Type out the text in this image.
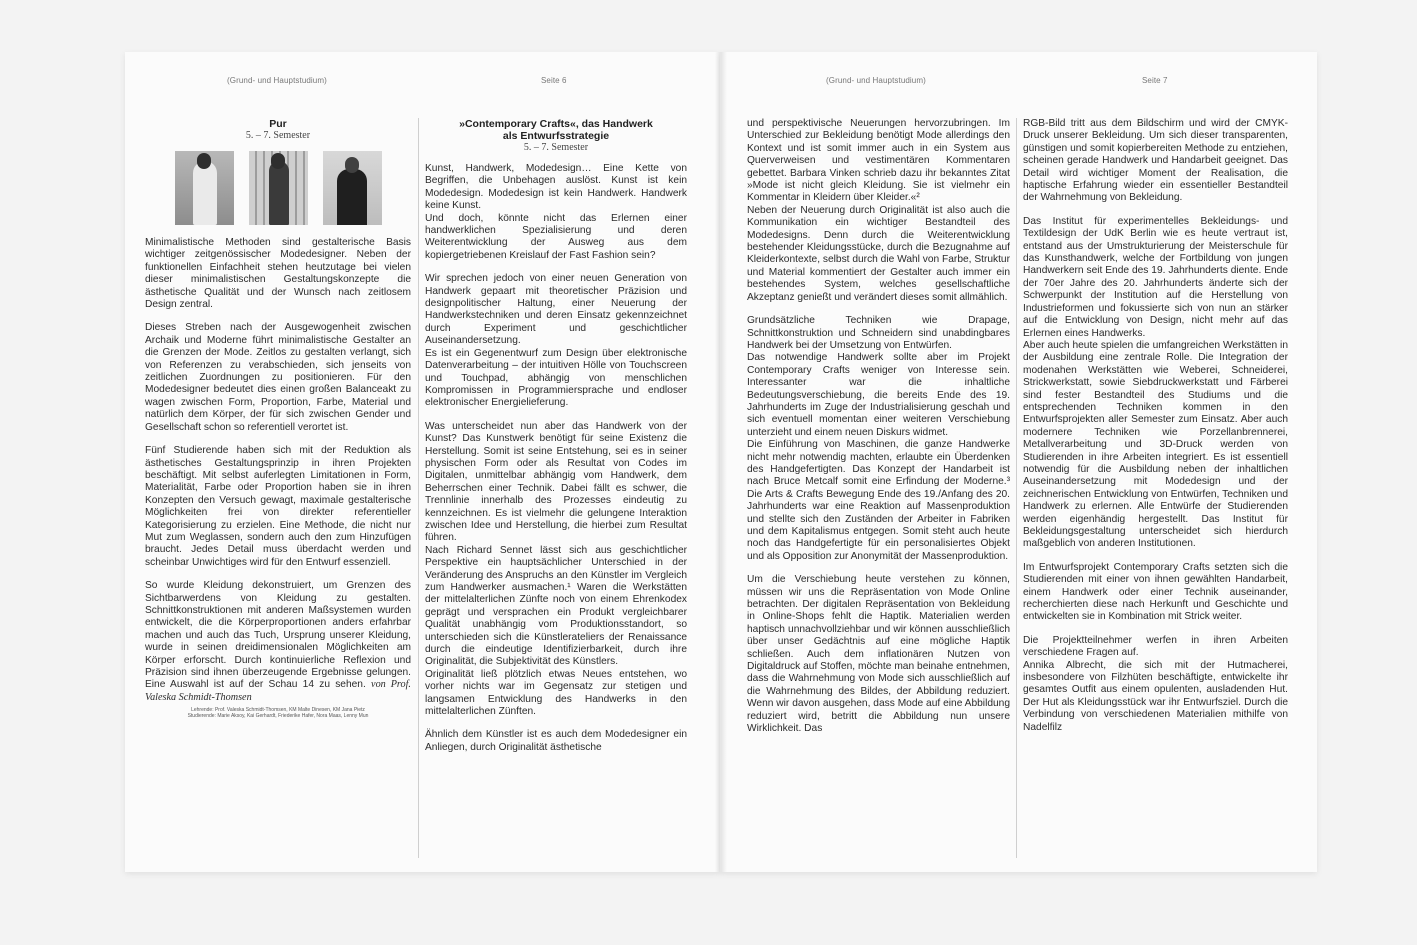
(Grund- und Hauptstudium)	Seite 6
Pur
5. – 7. Semester

Minimalistische Methoden sind gestalterische Basis wichtiger zeitgenössischer Modedesigner. Neben der funktionellen Einfachheit stehen heutzutage bei vielen dieser minimalistischen Gestaltungskonzepte die ästhetische Qualität und der Wunsch nach zeitlosem Design zentral.

Dieses Streben nach der Ausgewogenheit zwischen Archaik und Moderne führt minimalistische Gestalter an die Grenzen der Mode. Zeitlos zu gestalten verlangt, sich von Referenzen zu verabschieden, sich jenseits von zeitlichen Zuordnungen zu positionieren. Für den Modedesigner bedeutet dies einen großen Balanceakt zu wagen zwischen Form, Proportion, Farbe, Material und natürlich dem Körper, der für sich zwischen Gender und Gesellschaft schon so referentiell verortet ist.

Fünf Studierende haben sich mit der Reduktion als ästhetisches Gestaltungsprinzip in ihren Projekten beschäftigt. Mit selbst auferlegten Limitationen in Form, Materialität, Farbe oder Proportion haben sie in ihren Konzepten den Versuch gewagt, maximale gestalterische Möglichkeiten frei von direkter referentieller Kategorisierung zu erzielen. Eine Methode, die nicht nur Mut zum Weglassen, sondern auch den zum Hinzufügen braucht. Jedes Detail muss überdacht werden und scheinbar Unwichtiges wird für den Entwurf essenziell.

So wurde Kleidung dekonstruiert, um Grenzen des Sichtbarwerdens von Kleidung zu gestalten. Schnittkonstruktionen mit anderen Maßsystemen wurden entwickelt, die die Körperproportionen anders erfahrbar machen und auch das Tuch, Ursprung unserer Kleidung, wurde in seinen dreidimensionalen Möglichkeiten am Körper erforscht. Durch kontinuierliche Reflexion und Präzision sind ihnen überzeugende Ergebnisse gelungen. Eine Auswahl ist auf der Schau 14 zu sehen. von Prof. Valeska Schmidt-Thomsen

Lehrende: Prof. Valeska Schmidt-Thomsen, KM Malte Dinesen, KM Jana Pietz
Studierende: Marie Aksoy, Kai Gerhardt, Friederike Hafer, Nora Maas, Lenny Mun
»Contemporary Crafts«, das Handwerk
als Entwurfsstrategie
5. – 7. Semester

Kunst, Handwerk, Modedesign… Eine Kette von Begriffen, die Unbehagen auslöst. Kunst ist kein Modedesign. Modedesign ist kein Handwerk. Handwerk keine Kunst.
Und doch, könnte nicht das Erlernen einer handwerklichen Spezialisierung und deren Weiterentwicklung der Ausweg aus dem kopiergetriebenen Kreislauf der Fast Fashion sein?

Wir sprechen jedoch von einer neuen Generation von Handwerk gepaart mit theoretischer Präzision und designpolitischer Haltung, einer Neuerung der Handwerkstechniken und deren Einsatz gekennzeichnet durch Experiment und geschichtlicher Auseinandersetzung.
Es ist ein Gegenentwurf zum Design über elektronische Datenverarbeitung – der intuitiven Hölle von Touchscreen und Touchpad, abhängig von menschlichen Kompromissen in Programmiersprache und endloser elektronischer Energielieferung.

Was unterscheidet nun aber das Handwerk von der Kunst? Das Kunstwerk benötigt für seine Existenz die Herstellung. Somit ist seine Entstehung, sei es in seiner physischen Form oder als Resultat von Codes im Digitalen, unmittelbar abhängig vom Handwerk, dem Beherrschen einer Technik. Dabei fällt es schwer, die Trennlinie innerhalb des Prozesses eindeutig zu kennzeichnen. Es ist vielmehr die gelungene Interaktion zwischen Idee und Herstellung, die hierbei zum Resultat führen.
Nach Richard Sennet lässt sich aus geschichtlicher Perspektive ein hauptsächlicher Unterschied in der Veränderung des Anspruchs an den Künstler im Vergleich zum Handwerker ausmachen.¹ Waren die Werkstätten der mittelalterlichen Zünfte noch von einem Ehrenkodex geprägt und versprachen ein Produkt vergleichbarer Qualität unabhängig vom Produktionsstandort, so unterschieden sich die Künstlerateliers der Renaissance durch die eindeutige Identifizierbarkeit, durch ihre Originalität, die Subjektivität des Künstlers.
Originalität ließ plötzlich etwas Neues entstehen, wo vorher nichts war im Gegensatz zur stetigen und langsamen Entwicklung des Handwerks in den mittelalterlichen Zünften.

Ähnlich dem Künstler ist es auch dem Modedesigner ein Anliegen, durch Originalität ästhetische

(Grund- und Hauptstudium)	Seite 7

und perspektivische Neuerungen hervorzubringen. Im Unterschied zur Bekleidung benötigt Mode allerdings den Kontext und ist somit immer auch in ein System aus Querverweisen und vestimentären Kommentaren gebettet. Barbara Vinken schrieb dazu ihr bekanntes Zitat »Mode ist nicht gleich Kleidung. Sie ist vielmehr ein Kommentar in Kleidern über Kleider.«²
Neben der Neuerung durch Originalität ist also auch die Kommunikation ein wichtiger Bestandteil des Modedesigns. Denn durch die Weiterentwicklung bestehender Kleidungsstücke, durch die Bezugnahme auf Kleiderkontexte, selbst durch die Wahl von Farbe, Struktur und Material kommentiert der Gestalter auch immer ein bestehendes System, welches gesellschaftliche Akzeptanz genießt und verändert dieses somit allmählich.

Grundsätzliche Techniken wie Drapage, Schnittkonstruktion und Schneidern sind unabdingbares Handwerk bei der Umsetzung von Entwürfen.
Das notwendige Handwerk sollte aber im Projekt Contemporary Crafts weniger von Interesse sein. Interessanter war die inhaltliche Bedeutungsverschiebung, die bereits Ende des 19. Jahrhunderts im Zuge der Industrialisierung geschah und sich eventuell momentan einer weiteren Verschiebung unterzieht und einem neuen Diskurs widmet.
Die Einführung von Maschinen, die ganze Handwerke nicht mehr notwendig machten, erlaubte ein Überdenken des Handgefertigten. Das Konzept der Handarbeit ist nach Bruce Metcalf somit eine Erfindung der Moderne.³ Die Arts & Crafts Bewegung Ende des 19./Anfang des 20. Jahrhunderts war eine Reaktion auf Massenproduktion und stellte sich den Zuständen der Arbeiter in Fabriken und dem Kapitalismus entgegen. Somit steht auch heute noch das Handgefertigte für ein personalisiertes Objekt und als Opposition zur Anonymität der Massenproduktion.

Um die Verschiebung heute verstehen zu können, müssen wir uns die Repräsentation von Mode Online betrachten. Der digitalen Repräsentation von Bekleidung in Online-Shops fehlt die Haptik. Materialien werden haptisch unnachvollziehbar und wir können ausschließlich über unser Gedächtnis auf eine mögliche Haptik schließen. Auch dem inflationären Nutzen von Digitaldruck auf Stoffen, möchte man beinahe entnehmen, dass die Wahrnehmung von Mode sich ausschließlich auf die Wahrnehmung des Bildes, der Abbildung reduziert. Wenn wir davon ausgehen, dass Mode auf eine Abbildung reduziert wird, betritt die Abbildung nun unsere Wirklichkeit. Das

RGB-Bild tritt aus dem Bildschirm und wird der CMYK-Druck unserer Bekleidung. Um sich dieser transparenten, günstigen und somit kopierbereiten Methode zu entziehen, scheinen gerade Handwerk und Handarbeit geeignet. Das Detail wird wichtiger Moment der Realisation, die haptische Erfahrung wieder ein essentieller Bestandteil der Wahrnehmung von Bekleidung.

Das Institut für experimentelles Bekleidungs- und Textildesign der UdK Berlin wie es heute vertraut ist, entstand aus der Umstrukturierung der Meisterschule für das Kunsthandwerk, welche der Fortbildung von jungen Handwerkern seit Ende des 19. Jahrhunderts diente. Ende der 70er Jahre des 20. Jahrhunderts änderte sich der Schwerpunkt der Institution auf die Herstellung von Industrieformen und fokussierte sich von nun an stärker auf die Entwicklung von Design, nicht mehr auf das Erlernen eines Handwerks.
Aber auch heute spielen die umfangreichen Werkstätten in der Ausbildung eine zentrale Rolle. Die Integration der modenahen Werkstätten wie Weberei, Schneiderei, Strickwerkstatt, sowie Siebdruckwerkstatt und Färberei sind fester Bestandteil des Studiums und die entsprechenden Techniken kommen in den Entwurfsprojekten aller Semester zum Einsatz. Aber auch modernere Techniken wie Porzellanbrennerei, Metallverarbeitung und 3D-Druck werden von Studierenden in ihre Arbeiten integriert. Es ist essentiell notwendig für die Ausbildung neben der inhaltlichen Auseinandersetzung mit Modedesign und der zeichnerischen Entwicklung von Entwürfen, Techniken und Handwerk zu erlernen. Alle Entwürfe der Studierenden werden eigenhändig hergestellt. Das Institut für Bekleidungsgestaltung unterscheidet sich hierdurch maßgeblich von anderen Institutionen.

Im Entwurfsprojekt Contemporary Crafts setzten sich die Studierenden mit einer von ihnen gewählten Handarbeit, einem Handwerk oder einer Technik auseinander, recherchierten diese nach Herkunft und Geschichte und entwickelten sie in Kombination mit Strick weiter.

Die Projektteilnehmer werfen in ihren Arbeiten verschiedene Fragen auf.
Annika Albrecht, die sich mit der Hutmacherei, insbesondere von Filzhüten beschäftigte, entwickelte ihr gesamtes Outfit aus einem opulenten, ausladenden Hut. Der Hut als Kleidungsstück war ihr Entwurfsziel. Durch die Verbindung von verschiedenen Materialien mithilfe von Nadelfilz
